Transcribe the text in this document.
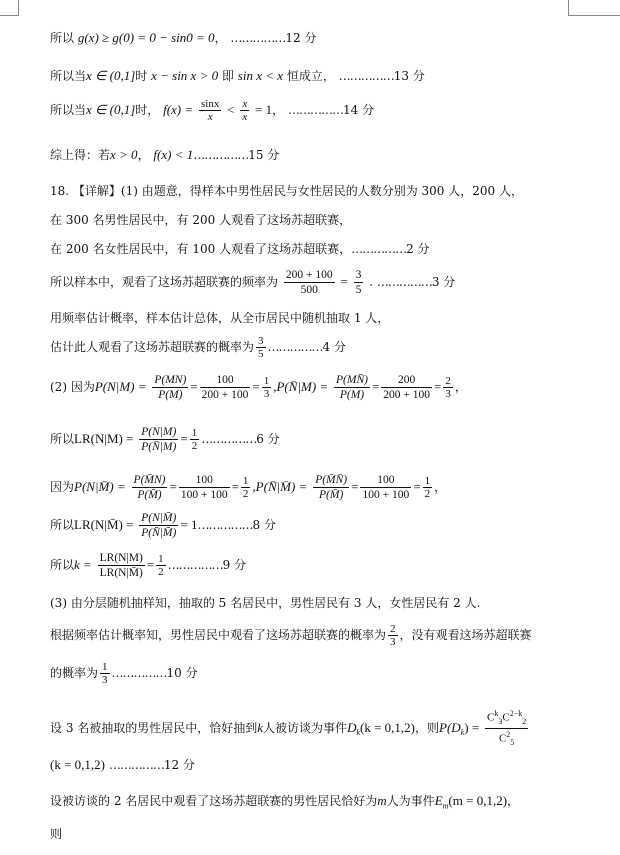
所以 g(x) ≥ g(0) = 0 − sin0 = 0， ……………12 分
所以当x ∈ (0,1]时 x − sin x > 0 即 sin x < x 恒成立， ……………13 分
所以当x ∈ (0,1]时， $f(x) = \frac{\sin x}{x} < \frac{x}{x} = 1$， ……………14 分
综上得：若x > 0， f(x) < 1……………15 分
18. 【详解】(1) 由题意，得样本中男性居民与女性居民的人数分别为 300 人，200 人，
在 300 名男性居民中，有 200 人观看了这场苏超联赛，
在 200 名女性居民中，有 100 人观看了这场苏超联赛，……………2 分
所以样本中，观看了这场苏超联赛的频率为 $\frac{200 + 100}{500} = \frac{3}{5}$ . ……………3 分
用频率估计概率，样本估计总体，从全市居民中随机抽取 1 人，
估计此人观看了这场苏超联赛的概率为 $\frac{3}{5}$ ……………4 分
(2) 因为$P(N|M) = \frac{P(MN)}{P(M)} = \frac{100}{200 + 100} = \frac{1}{3}$ ,P(N̄|M) = $\frac{P(MN̄)}{P(M)} = \frac{200}{200 + 100} = \frac{2}{3}$ ，
所以$LR(N|M) = \frac{P(N|M)}{P(N̄|M)} = \frac{1}{2}$ ……………6 分
因为P(N|M̄) = $\frac{P(M̄N)}{P(M̄)} = \frac{100}{100 + 100} = \frac{1}{2}$ ,P(N̄|M̄) = $\frac{P(M̄N̄)}{P(M̄)} = \frac{100}{100 + 100} = \frac{1}{2}$ ，
所以LR(N|M̄) = $\frac{P(N|M̄)}{P(N̄|M̄)}$ = 1……………8 分
所以$k = \frac{LR(N|M)}{LR(N|M̄)} = \frac{1}{2}$ ……………9 分
(3) 由分层随机抽样知，抽取的 5 名居民中，男性居民有 3 人，女性居民有 2 人.
根据频率估计概率知，男性居民中观看了这场苏超联赛的概率为 $\frac{2}{3}$ ，没有观看这场苏超联赛
的概率为 $\frac{1}{3}$ ……………10 分
设 3 名被抽取的男性居民中，恰好抽到k人被访谈为事件$D_k(k = 0,1,2)$，则$P(D_k) = \frac{C^k_3C^{2-k}_2}{C^2_5}$
(k = 0,1,2) ……………12 分
设被访谈的 2 名居民中观看了这场苏超联赛的男性居民恰好为m人为事件$E_m(m = 0,1,2)$，
则
